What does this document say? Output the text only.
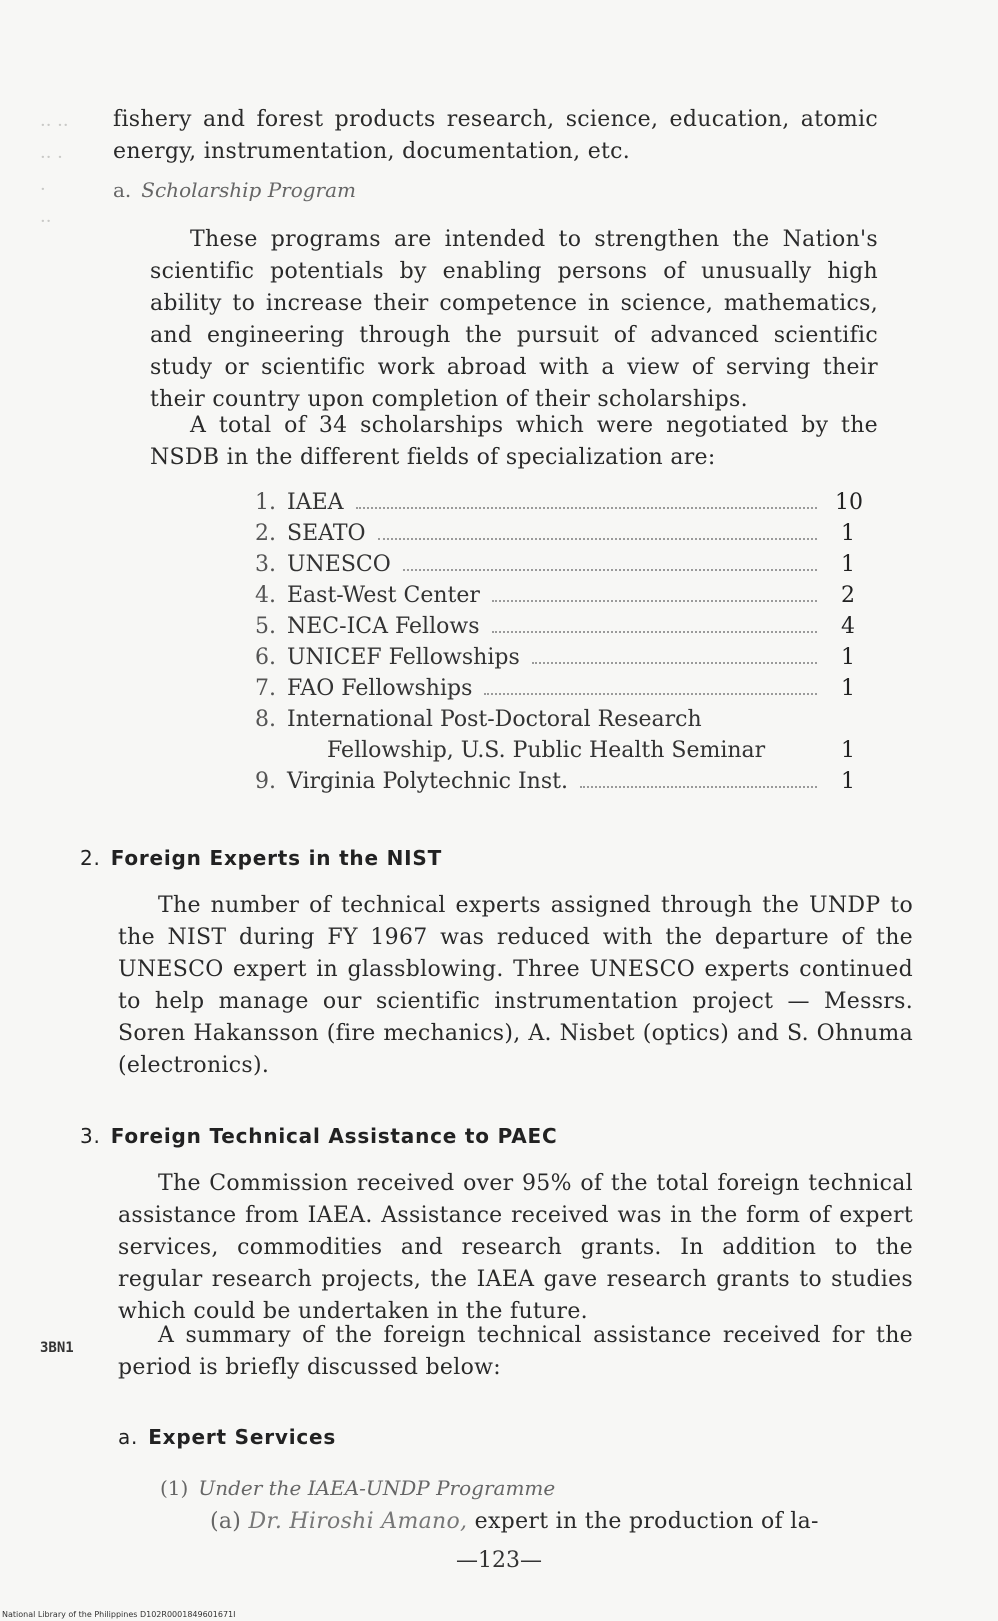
·· ··
·· ·
·
··
fishery and forest products research, science, education, atomic energy, instrumentation, documentation, etc.
a. Scholarship Program
These programs are intended to strengthen the Nation's scientific potentials by enabling persons of unusually high ability to increase their competence in science, mathematics, and engineering through the pursuit of advanced scientific study or scientific work abroad with a view of serving their their country upon completion of their scholarships.
A total of 34 scholarships which were negotiated by the NSDB in the different fields of specialization are:
1. IAEA	10
2. SEATO	1
3. UNESCO	1
4. East-West Center	2
5. NEC-ICA Fellows	4
6. UNICEF Fellowships	1
7. FAO Fellowships	1
8. International Post-Doctoral Research
Fellowship, U.S. Public Health Seminar	1
9. Virginia Polytechnic Inst.	1
2. Foreign Experts in the NIST
The number of technical experts assigned through the UNDP to the NIST during FY 1967 was reduced with the departure of the UNESCO expert in glassblowing. Three UNESCO experts continued to help manage our scientific instrumentation project — Messrs. Soren Hakansson (fire mechanics), A. Nisbet (optics) and S. Ohnuma (electronics).
3. Foreign Technical Assistance to PAEC
The Commission received over 95% of the total foreign technical assistance from IAEA. Assistance received was in the form of expert services, commodities and research grants. In addition to the regular research projects, the IAEA gave research grants to studies which could be undertaken in the future.
A summary of the foreign technical assistance received for the period is briefly discussed below:
3BN1
a. Expert Services
(1) Under the IAEA-UNDP Programme
(a) Dr. Hiroshi Amano, expert in the production of la-
—123—
National Library of the Philippines D102R0001849601671I
